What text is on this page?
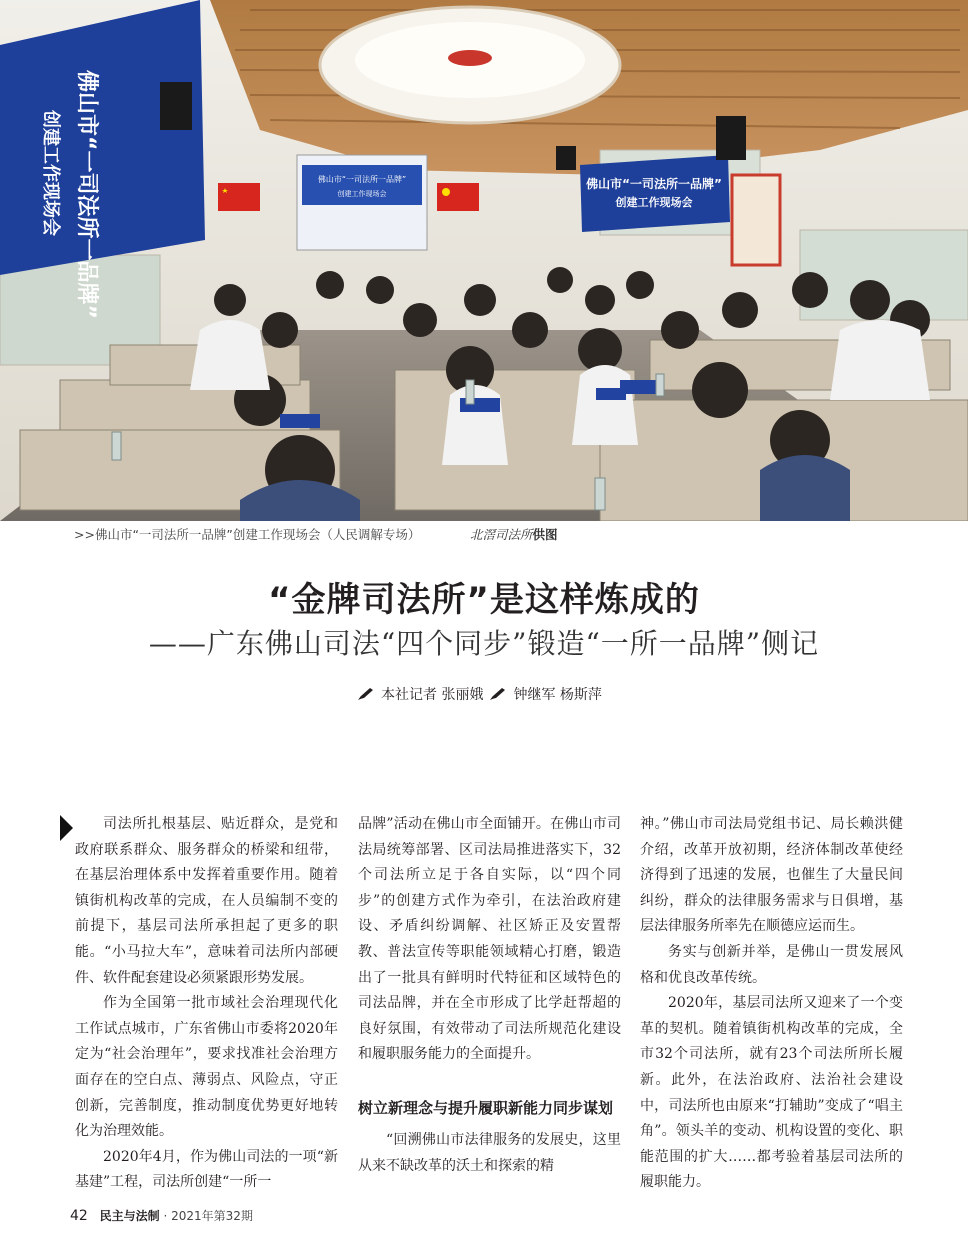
佛山市“一司法所一品牌”
创建工作现场会	佛山市“一司法所一品牌”
创建工作现场会
佛山市“一司法所一品牌”
创建工作现场会
>>佛山市“一司法所一品牌”创建工作现场会（人民调解专场）	北滘司法所供图
“金牌司法所”是这样炼成的
——广东佛山司法“四个同步”锻造“一所一品牌”侧记
本社记者 张丽娥 钟继军 杨斯萍

司法所扎根基层、贴近群众，是党和政府联系群众、服务群众的桥梁和纽带，在基层治理体系中发挥着重要作用。随着镇街机构改革的完成，在人员编制不变的前提下，基层司法所承担起了更多的职能。“小马拉大车”，意味着司法所内部硬件、软件配套建设必须紧跟形势发展。

作为全国第一批市域社会治理现代化工作试点城市，广东省佛山市委将2020年定为“社会治理年”，要求找准社会治理方面存在的空白点、薄弱点、风险点，守正创新，完善制度，推动制度优势更好地转化为治理效能。

2020年4月，作为佛山司法的一项“新基建”工程，司法所创建“一所一

品牌”活动在佛山市全面铺开。在佛山市司法局统筹部署、区司法局推进落实下，32个司法所立足于各自实际，以“四个同步”的创建方式作为牵引，在法治政府建设、矛盾纠纷调解、社区矫正及安置帮教、普法宣传等职能领域精心打磨，锻造出了一批具有鲜明时代特征和区域特色的司法品牌，并在全市形成了比学赶帮超的良好氛围，有效带动了司法所规范化建设和履职服务能力的全面提升。

树立新理念与提升履职新能力同步谋划

“回溯佛山市法律服务的发展史，这里从来不缺改革的沃土和探索的精

神。”佛山市司法局党组书记、局长赖洪健介绍，改革开放初期，经济体制改革使经济得到了迅速的发展，也催生了大量民间纠纷，群众的法律服务需求与日俱增，基层法律服务所率先在顺德应运而生。

务实与创新并举，是佛山一贯发展风格和优良改革传统。

2020年，基层司法所又迎来了一个变革的契机。随着镇街机构改革的完成，全市32个司法所，就有23个司法所所长履新。此外，在法治政府、法治社会建设中，司法所也由原来“打辅助”变成了“唱主角”。领头羊的变动、机构设置的变化、职能范围的扩大……都考验着基层司法所的履职能力。

42 民主与法制 · 2021年第32期
